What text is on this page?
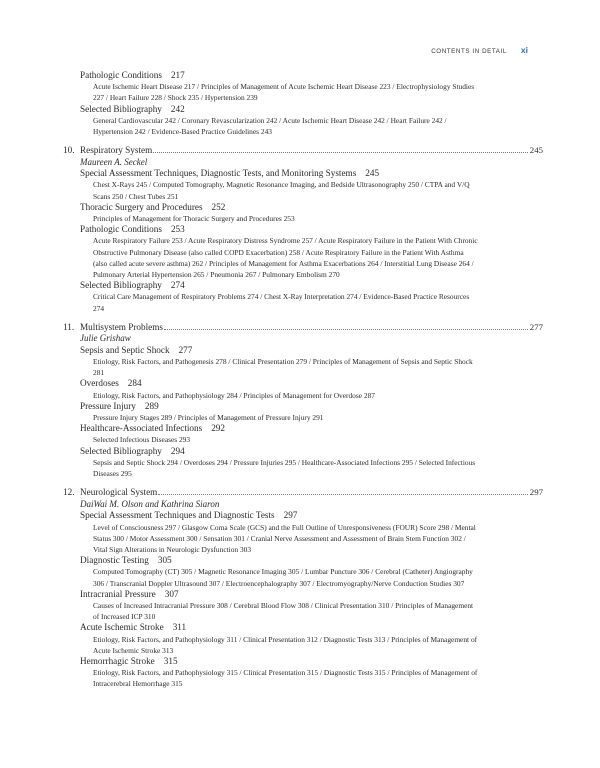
CONTENTS IN DETAIL xi
Pathologic Conditions 217
Acute Ischemic Heart Disease 217 / Principles of Management of Acute Ischemic Heart Disease 223 / Electrophysiology Studies 227 / Heart Failure 228 / Shock 235 / Hypertension 239
Selected Bibliography 242
General Cardiovascular 242 / Coronary Revascularization 242 / Acute Ischemic Heart Disease 242 / Heart Failure 242 / Hypertension 242 / Evidence-Based Practice Guidelines 243
10. Respiratory System	245
Maureen A. Seckel
Special Assessment Techniques, Diagnostic Tests, and Monitoring Systems 245
Chest X-Rays 245 / Computed Tomography, Magnetic Resonance Imaging, and Bedside Ultrasonography 250 / CTPA and V/Q Scans 250 / Chest Tubes 251
Thoracic Surgery and Procedures 252
Principles of Management for Thoracic Surgery and Procedures 253
Pathologic Conditions 253
Acute Respiratory Failure 253 / Acute Respiratory Distress Syndrome 257 / Acute Respiratory Failure in the Patient With Chronic Obstructive Pulmonary Disease (also called COPD Exacerbation) 258 / Acute Respiratory Failure in the Patient With Asthma (also called acute severe asthma) 262 / Principles of Management for Asthma Exacerbations 264 / Interstitial Lung Disease 264 / Pulmonary Arterial Hypertension 265 / Pneumonia 267 / Pulmonary Embolism 270
Selected Bibliography 274
Critical Care Management of Respiratory Problems 274 / Chest X-Ray Interpretation 274 / Evidence-Based Practice Resources 274
11. Multisystem Problems	277
Julie Grishaw
Sepsis and Septic Shock 277
Etiology, Risk Factors, and Pathogenesis 278 / Clinical Presentation 279 / Principles of Management of Sepsis and Septic Shock 281
Overdoses 284
Etiology, Risk Factors, and Pathophysiology 284 / Principles of Management for Overdose 287
Pressure Injury 289
Pressure Injury Stages 289 / Principles of Management of Pressure Injury 291
Healthcare-Associated Infections 292
Selected Infectious Diseases 293
Selected Bibliography 294
Sepsis and Septic Shock 294 / Overdoses 294 / Pressure Injuries 295 / Healthcare-Associated Infections 295 / Selected Infectious Diseases 295
12. Neurological System	297
DaiWai M. Olson and Kathrina Siaron
Special Assessment Techniques and Diagnostic Tests 297
Level of Consciousness 297 / Glasgow Coma Scale (GCS) and the Full Outline of Unresponsiveness (FOUR) Score 298 / Mental Status 300 / Motor Assessment 300 / Sensation 301 / Cranial Nerve Assessment and Assessment of Brain Stem Function 302 / Vital Sign Alterations in Neurologic Dysfunction 303
Diagnostic Testing 305
Computed Tomography (CT) 305 / Magnetic Resonance Imaging 305 / Lumbar Puncture 306 / Cerebral (Catheter) Angiography 306 / Transcranial Doppler Ultrasound 307 / Electroencephalography 307 / Electromyography/Nerve Conduction Studies 307
Intracranial Pressure 307
Causes of Increased Intracranial Pressure 308 / Cerebral Blood Flow 308 / Clinical Presentation 310 / Principles of Management of Increased ICP 310
Acute Ischemic Stroke 311
Etiology, Risk Factors, and Pathophysiology 311 / Clinical Presentation 312 / Diagnostic Tests 313 / Principles of Management of Acute Ischemic Stroke 313
Hemorrhagic Stroke 315
Etiology, Risk Factors, and Pathophysiology 315 / Clinical Presentation 315 / Diagnostic Tests 315 / Principles of Management of Intracerebral Hemorrhage 315
